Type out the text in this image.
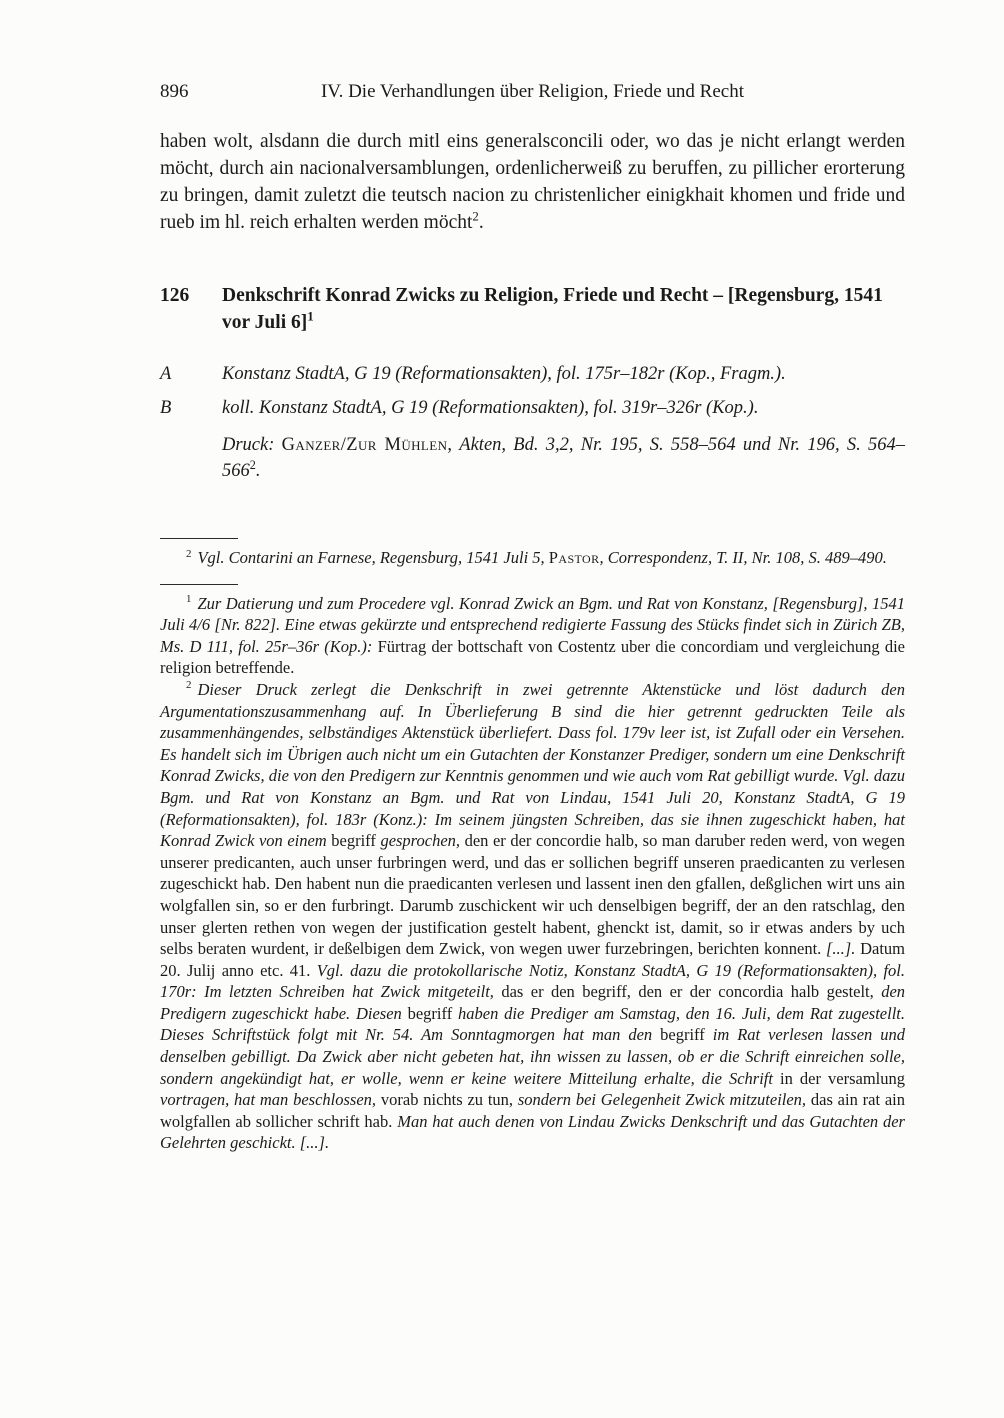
896	IV. Die Verhandlungen über Religion, Friede und Recht

haben wolt, alsdann die durch mitl eins generalsconcili oder, wo das je nicht erlangt werden möcht, durch ain nacionalversamblungen, ordenlicherweiß zu beruffen, zu pillicher erorterung zu bringen, damit zuletzt die teutsch nacion zu christenlicher einigkhait khomen und fride und rueb im hl. reich erhalten werden möcht$^2$.

126	Denkschrift Konrad Zwicks zu Religion, Friede und Recht – [Regensburg, 1541 vor Juli 6]$^1$
A	Konstanz StadtA, G 19 (Reformationsakten), fol. 175r–182r (Kop., Fragm.).
B	koll. Konstanz StadtA, G 19 (Reformationsakten), fol. 319r–326r (Kop.).

Druck: Ganzer/Zur Mühlen, Akten, Bd. 3,2, Nr. 195, S. 558–564 und Nr. 196, S. $564-566^2$.

$^2$ Vgl. Contarini an Farnese, Regensburg, 1541 Juli 5, Pastor, Correspondenz, T. II, Nr. 108, S. 489–490.

$^1$ Zur Datierung und zum Procedere vgl. Konrad Zwick an Bgm. und Rat von Konstanz, [Regensburg], 1541 Juli 4/6 [Nr. 822]. Eine etwas gekürzte und entsprechend redigierte Fassung des Stücks findet sich in Zürich ZB, Ms. D 111, fol. 25r–36r (Kop.): Fürtrag der bottschaft von Costentz uber die concordiam und vergleichung die religion betreffende.

$^2$ Dieser Druck zerlegt die Denkschrift in zwei getrennte Aktenstücke und löst dadurch den Argumentationszusammenhang auf. In Überlieferung B sind die hier getrennt gedruckten Teile als zusammenhängendes, selbständiges Aktenstück überliefert. Dass fol. 179v leer ist, ist Zufall oder ein Versehen. Es handelt sich im Übrigen auch nicht um ein Gutachten der Konstanzer Prediger, sondern um eine Denkschrift Konrad Zwicks, die von den Predigern zur Kenntnis genommen und wie auch vom Rat gebilligt wurde. Vgl. dazu Bgm. und Rat von Konstanz an Bgm. und Rat von Lindau, 1541 Juli 20, Konstanz StadtA, G 19 (Reformationsakten), fol. 183r (Konz.): Im seinem jüngsten Schreiben, das sie ihnen zugeschickt haben, hat Konrad Zwick von einem begriff gesprochen, den er der concordie halb, so man daruber reden werd, von wegen unserer predicanten, auch unser furbringen werd, und das er sollichen begriff unseren praedicanten zu verlesen zugeschickt hab. Den habent nun die praedicanten verlesen und lassent inen den gfallen, deßglichen wirt uns ain wolgfallen sin, so er den furbringt. Darumb zuschickent wir uch denselbigen begriff, der an den ratschlag, den unser glerten rethen von wegen der justification gestelt habent, ghenckt ist, damit, so ir etwas anders by uch selbs beraten wurdent, ir deßelbigen dem Zwick, von wegen uwer furzebringen, berichten konnent. [...]. Datum 20. Julij anno etc. 41. Vgl. dazu die protokollarische Notiz, Konstanz StadtA, G 19 (Reformationsakten), fol. 170r: Im letzten Schreiben hat Zwick mitgeteilt, das er den begriff, den er der concordia halb gestelt, den Predigern zugeschickt habe. Diesen begriff haben die Prediger am Samstag, den 16. Juli, dem Rat zugestellt. Dieses Schriftstück folgt mit Nr. 54. Am Sonntagmorgen hat man den begriff im Rat verlesen lassen und denselben gebilligt. Da Zwick aber nicht gebeten hat, ihn wissen zu lassen, ob er die Schrift einreichen solle, sondern angekündigt hat, er wolle, wenn er keine weitere Mitteilung erhalte, die Schrift in der versamlung vortragen, hat man beschlossen, vorab nichts zu tun, sondern bei Gelegenheit Zwick mitzuteilen, das ain rat ain wolgfallen ab sollicher schrift hab. Man hat auch denen von Lindau Zwicks Denkschrift und das Gutachten der Gelehrten geschickt. [...].
